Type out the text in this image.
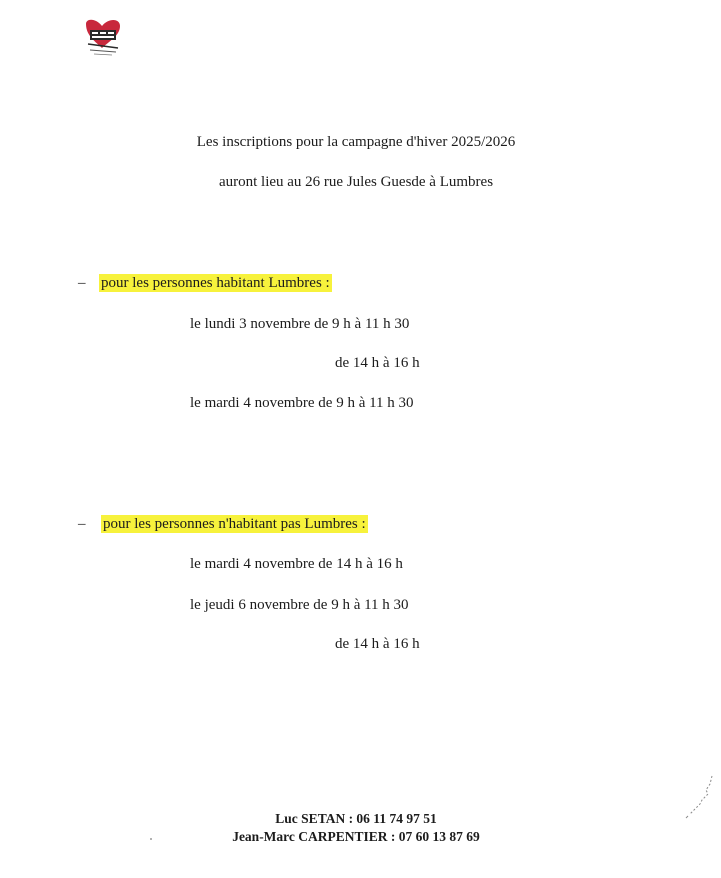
Les inscriptions pour la campagne d'hiver 2025/2026
auront lieu au 26 rue Jules Guesde à Lumbres
– pour les personnes habitant Lumbres :
le lundi 3 novembre de 9 h à 11 h 30
de 14 h à 16 h
le mardi 4 novembre de 9 h à 11 h 30
– pour les personnes n'habitant pas Lumbres :
le mardi 4 novembre de 14 h à 16 h
le jeudi 6 novembre de 9 h à 11 h 30
de 14 h à 16 h
Luc SETAN : 06 11 74 97 51
Jean-Marc CARPENTIER : 07 60 13 87 69
